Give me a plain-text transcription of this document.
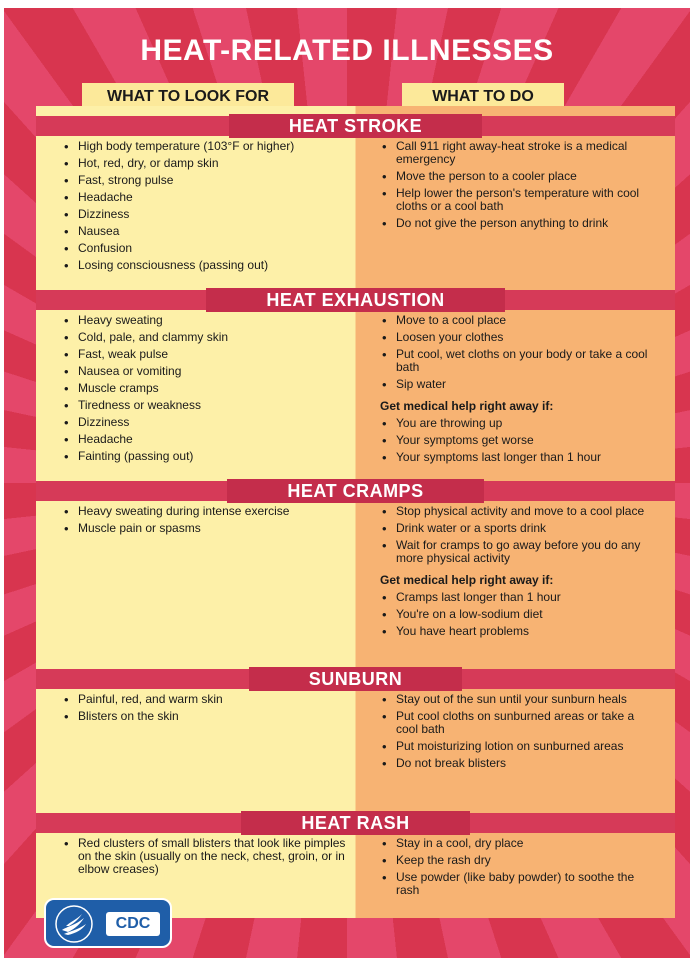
HEAT-RELATED ILLNESSES
WHAT TO LOOK FOR	WHAT TO DO
HEAT STROKE
• High body temperature (103°F or higher)
• Hot, red, dry, or damp skin
• Fast, strong pulse
• Headache
• Dizziness
• Nausea
• Confusion
• Losing consciousness (passing out)
• Call 911 right away-heat stroke is a medical emergency
• Move the person to a cooler place
• Help lower the person's temperature with cool cloths or a cool bath
• Do not give the person anything to drink
HEAT EXHAUSTION
• Heavy sweating
• Cold, pale, and clammy skin
• Fast, weak pulse
• Nausea or vomiting
• Muscle cramps
• Tiredness or weakness
• Dizziness
• Headache
• Fainting (passing out)
• Move to a cool place
• Loosen your clothes
• Put cool, wet cloths on your body or take a cool bath
• Sip water
Get medical help right away if:
• You are throwing up
• Your symptoms get worse
• Your symptoms last longer than 1 hour
HEAT CRAMPS
• Heavy sweating during intense exercise
• Muscle pain or spasms
• Stop physical activity and move to a cool place
• Drink water or a sports drink
• Wait for cramps to go away before you do any more physical activity
Get medical help right away if:
• Cramps last longer than 1 hour
• You're on a low-sodium diet
• You have heart problems
SUNBURN
• Painful, red, and warm skin
• Blisters on the skin
• Stay out of the sun until your sunburn heals
• Put cool cloths on sunburned areas or take a cool bath
• Put moisturizing lotion on sunburned areas
• Do not break blisters
HEAT RASH
• Red clusters of small blisters that look like pimples on the skin (usually on the neck, chest, groin, or in elbow creases)
• Stay in a cool, dry place
• Keep the rash dry
• Use powder (like baby powder) to soothe the rash
CDC
